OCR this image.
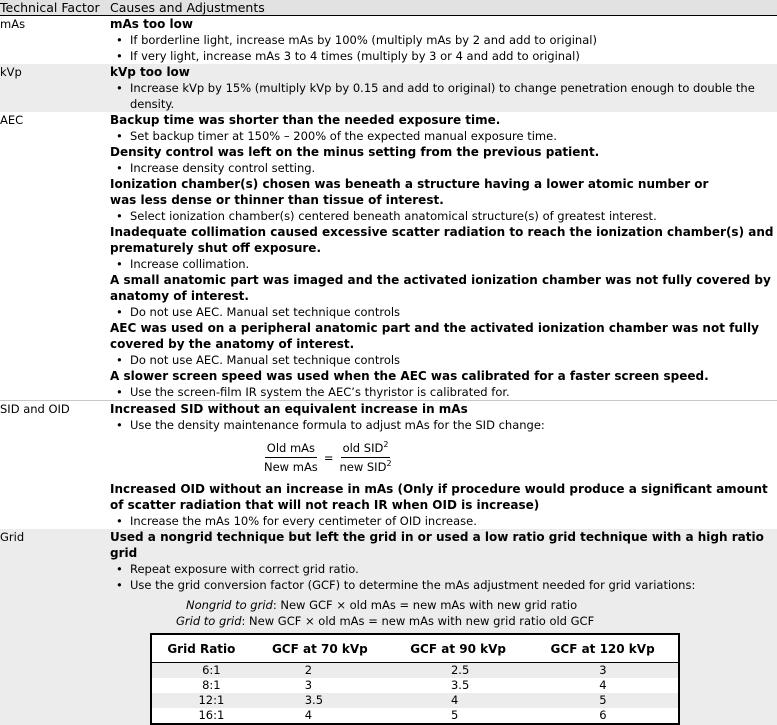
Technical Factor	Causes and Adjustments
mAs	mAs too low
• If borderline light, increase mAs by 100% (multiply mAs by 2 and add to original)
• If very light, increase mAs 3 to 4 times (multiply by 3 or 4 and add to original)

kVp	kVp too low
• Increase kVp by 15% (multiply kVp by 0.15 and add to original) to change penetration enough to double the density.

AEC	Backup time was shorter than the needed exposure time.
• Set backup timer at 150% – 200% of the expected manual exposure time.
Density control was left on the minus setting from the previous patient.
• Increase density control setting.
Ionization chamber(s) chosen was beneath a structure having a lower atomic number or was less dense or thinner than tissue of interest.
• Select ionization chamber(s) centered beneath anatomical structure(s) of greatest interest.
Inadequate collimation caused excessive scatter radiation to reach the ionization chamber(s) and prematurely shut off exposure.
• Increase collimation.
A small anatomic part was imaged and the activated ionization chamber was not fully covered by anatomy of interest.
• Do not use AEC. Manual set technique controls
AEC was used on a peripheral anatomic part and the activated ionization chamber was not fully covered by the anatomy of interest.
• Do not use AEC. Manual set technique controls
A slower screen speed was used when the AEC was calibrated for a faster screen speed.
• Use the screen-film IR system the AEC’s thyristor is calibrated for.

SID and OID	Increased SID without an equivalent increase in mAs
• Use the density maintenance formula to adjust mAs for the SID change:
$\frac{\text{Old mAs}}{\text{New mAs}} = \frac{old SID^2}{new SID^2}$
Increased OID without an increase in mAs (Only if procedure would produce a significant amount of scatter radiation that will not reach IR when OID is increase)
• Increase the mAs 10% for every centimeter of OID increase.

Grid	Used a nongrid technique but left the grid in or used a low ratio grid technique with a high ratio grid
• Repeat exposure with correct grid ratio.
• Use the grid conversion factor (GCF) to determine the mAs adjustment needed for grid variations:
Nongrid to grid: New GCF × old mAs = new mAs with new grid ratio
Grid to grid: New GCF × old mAs = new mAs with new grid ratio old GCF
Grid Ratio	GCF at 70 kVp	GCF at 90 kVp	GCF at 120 kVp
6:1	2	2.5	3
8:1	3	3.5	4
12:1	3.5	4	5
16:1	4	5	6
